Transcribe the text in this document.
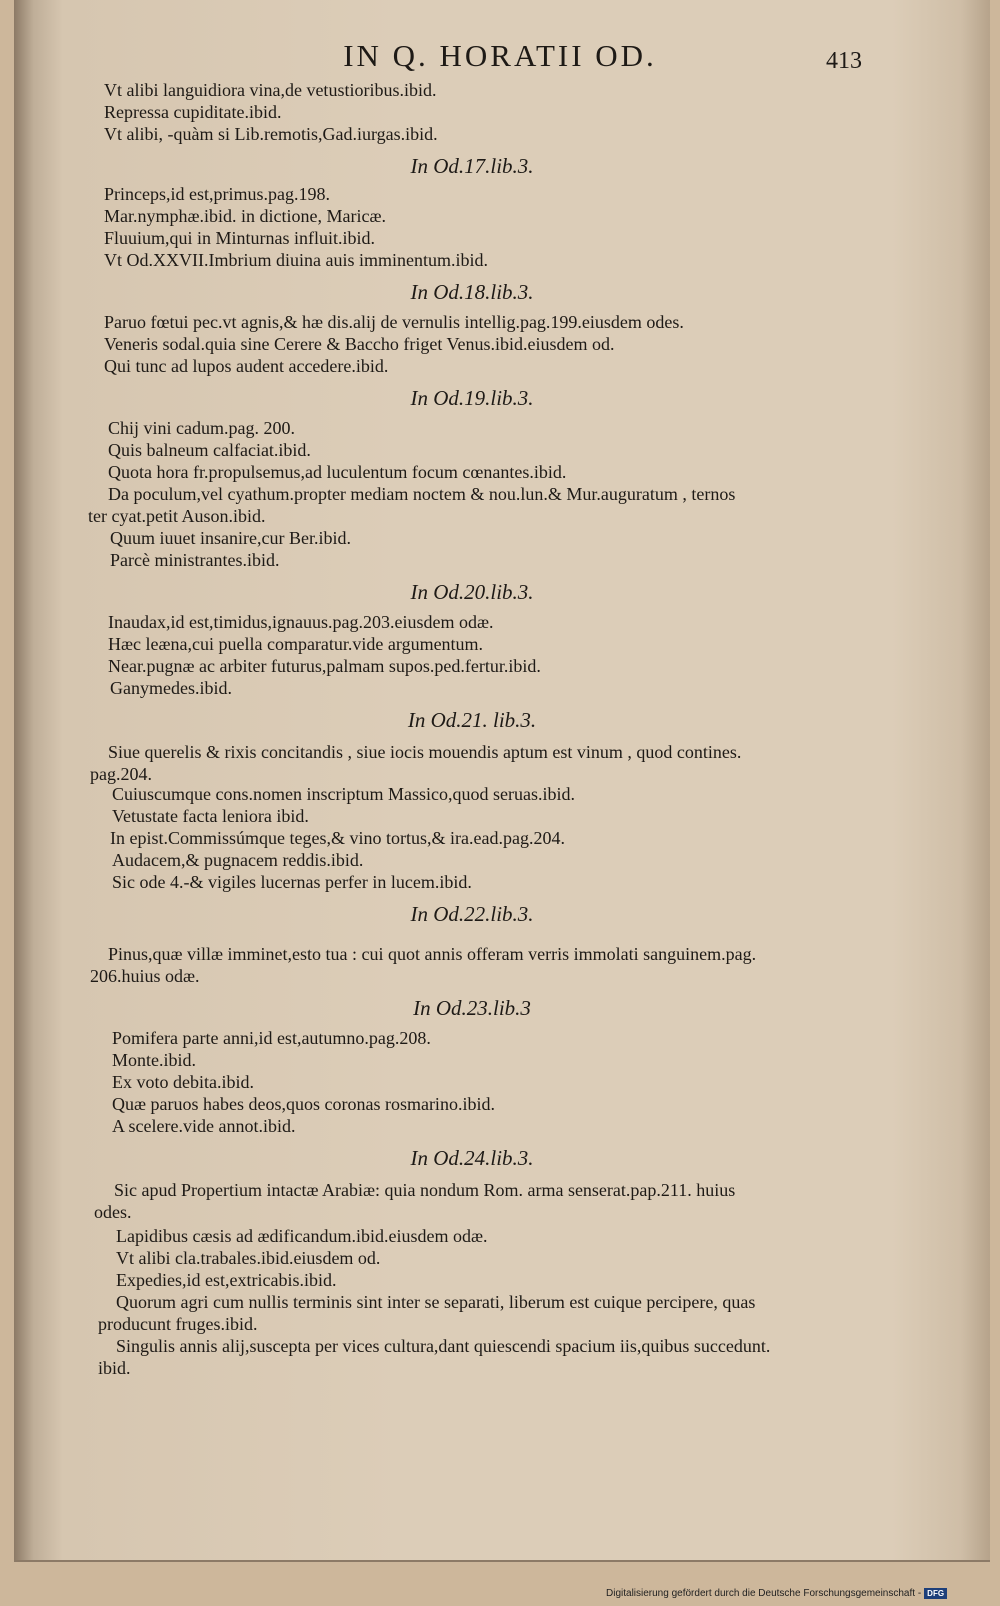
IN Q. HORATII OD.	413
Vt alibi languidiora vina,de vetustioribus.ibid.
Repressa cupiditate.ibid.
Vt alibi, -quàm si Lib.remotis,Gad.iurgas.ibid.
In Od.17.lib.3.
Princeps,id est,primus.pag.198.
Mar.nymphæ.ibid. in dictione, Maricæ.
Fluuium,qui in Minturnas influit.ibid.
Vt Od.XXVII.Imbrium diuina auis imminentum.ibid.
In Od.18.lib.3.
Paruo fœtui pec.vt agnis,& hæ dis.alij de vernulis intellig.pag.199.eiusdem odes.
Veneris sodal.quia sine Cerere & Baccho friget Venus.ibid.eiusdem od.
Qui tunc ad lupos audent accedere.ibid.
In Od.19.lib.3.
Chij vini cadum.pag. 200.
Quis balneum calfaciat.ibid.
Quota hora fr.propulsemus,ad luculentum focum cœnantes.ibid.
Da poculum,vel cyathum.propter mediam noctem & nou.lun.& Mur.auguratum , ternos
ter cyat.petit Auson.ibid.
Quum iuuet insanire,cur Ber.ibid.
Parcè ministrantes.ibid.
In Od.20.lib.3.
Inaudax,id est,timidus,ignauus.pag.203.eiusdem odæ.
Hæc leæna,cui puella comparatur.vide argumentum.
Near.pugnæ ac arbiter futurus,palmam supos.ped.fertur.ibid.
Ganymedes.ibid.
In Od.21. lib.3.
Siue querelis & rixis concitandis , siue iocis mouendis aptum est vinum , quod contines.
pag.204.
Cuiuscumque cons.nomen inscriptum Massico,quod seruas.ibid.
Vetustate facta leniora ibid.
In epist.Commissúmque teges,& vino tortus,& ira.ead.pag.204.
Audacem,& pugnacem reddis.ibid.
Sic ode 4.-& vigiles lucernas perfer in lucem.ibid.
In Od.22.lib.3.
Pinus,quæ villæ imminet,esto tua : cui quot annis offeram verris immolati sanguinem.pag.
206.huius odæ.
In Od.23.lib.3
Pomifera parte anni,id est,autumno.pag.208.
Monte.ibid.
Ex voto debita.ibid.
Quæ paruos habes deos,quos coronas rosmarino.ibid.
A scelere.vide annot.ibid.
In Od.24.lib.3.
Sic apud Propertium intactæ Arabiæ: quia nondum Rom. arma senserat.pap.211. huius
odes.
Lapidibus cæsis ad ædificandum.ibid.eiusdem odæ.
Vt alibi cla.trabales.ibid.eiusdem od.
Expedies,id est,extricabis.ibid.
Quorum agri cum nullis terminis sint inter se separati, liberum est cuique percipere, quas
producunt fruges.ibid.
Singulis annis alij,suscepta per vices cultura,dant quiescendi spacium iis,quibus succedunt.
ibid.
Digitalisierung gefördert durch die Deutsche Forschungsgemeinschaft - DFG
